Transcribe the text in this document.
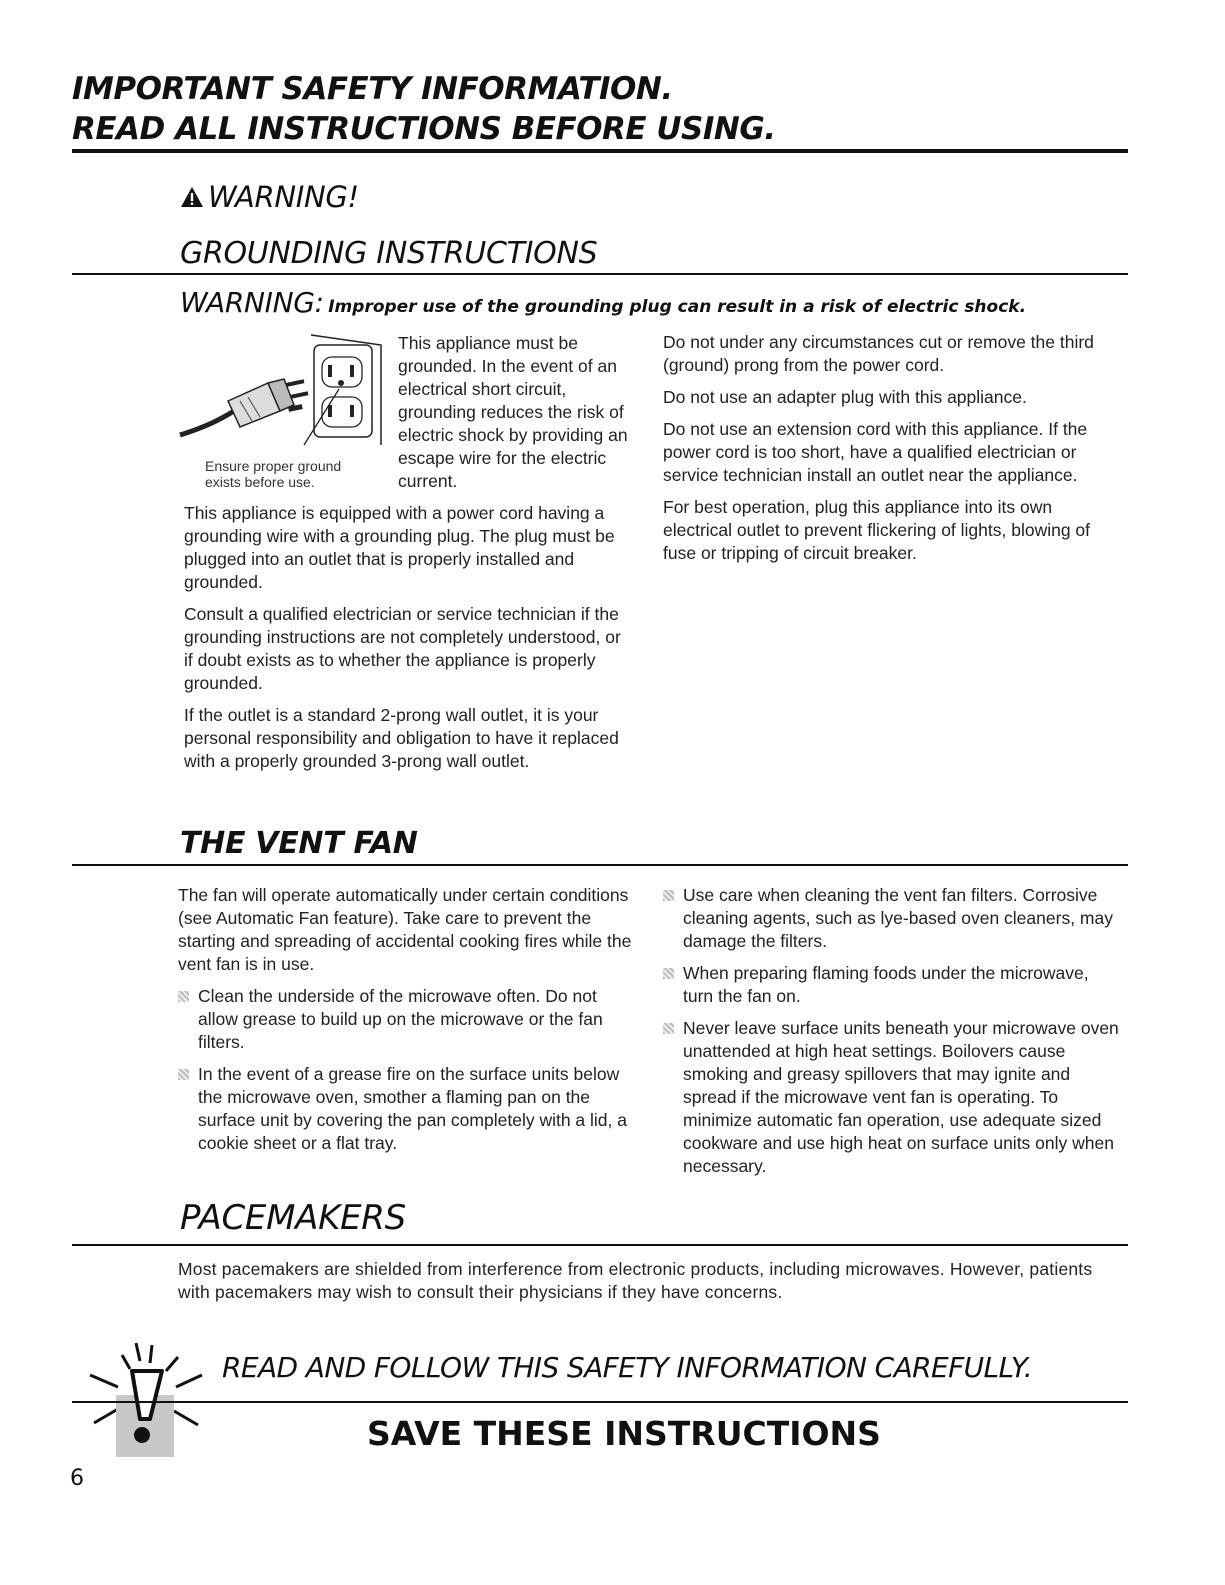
IMPORTANT SAFETY INFORMATION.
READ ALL INSTRUCTIONS BEFORE USING.
WARNING!
GROUNDING INSTRUCTIONS
WARNING: Improper use of the grounding plug can result in a risk of electric shock.
Ensure proper ground exists before use.
This appliance must be grounded. In the event of an electrical short circuit, grounding reduces the risk of electric shock by providing an escape wire for the electric current.

This appliance is equipped with a power cord having a grounding wire with a grounding plug. The plug must be plugged into an outlet that is properly installed and grounded.

Consult a qualified electrician or service technician if the grounding instructions are not completely understood, or if doubt exists as to whether the appliance is properly grounded.

If the outlet is a standard 2-prong wall outlet, it is your personal responsibility and obligation to have it replaced with a properly grounded 3-prong wall outlet.

Do not under any circumstances cut or remove the third (ground) prong from the power cord.

Do not use an adapter plug with this appliance.

Do not use an extension cord with this appliance. If the power cord is too short, have a qualified electrician or service technician install an outlet near the appliance.

For best operation, plug this appliance into its own electrical outlet to prevent flickering of lights, blowing of fuse or tripping of circuit breaker.

THE VENT FAN

The fan will operate automatically under certain conditions (see Automatic Fan feature). Take care to prevent the starting and spreading of accidental cooking fires while the vent fan is in use.

Clean the underside of the microwave often. Do not allow grease to build up on the microwave or the fan filters.
In the event of a grease fire on the surface units below the microwave oven, smother a flaming pan on the surface unit by covering the pan completely with a lid, a cookie sheet or a flat tray.
Use care when cleaning the vent fan filters. Corrosive cleaning agents, such as lye-based oven cleaners, may damage the filters.
When preparing flaming foods under the microwave, turn the fan on.
Never leave surface units beneath your microwave oven unattended at high heat settings. Boilovers cause smoking and greasy spillovers that may ignite and spread if the microwave vent fan is operating. To minimize automatic fan operation, use adequate sized cookware and use high heat on surface units only when necessary.
PACEMAKERS
Most pacemakers are shielded from interference from electronic products, including microwaves. However, patients with pacemakers may wish to consult their physicians if they have concerns.
READ AND FOLLOW THIS SAFETY INFORMATION CAREFULLY.
SAVE THESE INSTRUCTIONS
6
